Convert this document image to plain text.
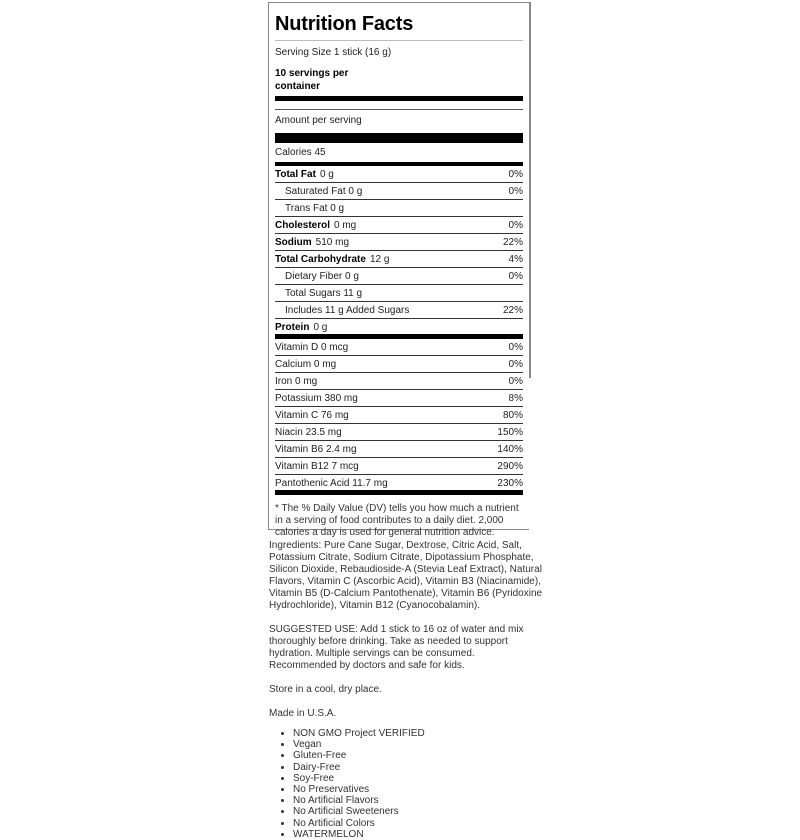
Nutrition Facts
Serving Size 1 stick (16 g)
10 servings per container
Amount per serving
Calories 45
Total Fat 0 g	0%
Saturated Fat 0 g	0%
Trans Fat 0 g
Cholesterol 0 mg	0%
Sodium 510 mg	22%
Total Carbohydrate 12 g	4%
Dietary Fiber 0 g	0%
Total Sugars 11 g
Includes 11 g Added Sugars	22%
Protein 0 g
Vitamin D 0 mcg	0%
Calcium 0 mg	0%
Iron 0 mg	0%
Potassium 380 mg	8%
Vitamin C 76 mg	80%
Niacin 23.5 mg	150%
Vitamin B6 2.4 mg	140%
Vitamin B12 7 mcg	290%
Pantothenic Acid 11.7 mg	230%
* The % Daily Value (DV) tells you how much a nutrient in a serving of food contributes to a daily diet. 2,000 calories a day is used for general nutrition advice.

Ingredients: Pure Cane Sugar, Dextrose, Citric Acid, Salt, Potassium Citrate, Sodium Citrate, Dipotassium Phosphate, Silicon Dioxide, Rebaudioside-A (Stevia Leaf Extract), Natural Flavors, Vitamin C (Ascorbic Acid), Vitamin B3 (Niacinamide), Vitamin B5 (D-Calcium Pantothenate), Vitamin B6 (Pyridoxine Hydrochloride), Vitamin B12 (Cyanocobalamin).

SUGGESTED USE: Add 1 stick to 16 oz of water and mix thoroughly before drinking. Take as needed to support hydration. Multiple servings can be consumed. Recommended by doctors and safe for kids.

Store in a cool, dry place.

Made in U.S.A.

• NON GMO Project VERIFIED
• Vegan
• Gluten-Free
• Dairy-Free
• Soy-Free
• No Preservatives
• No Artificial Flavors
• No Artificial Sweeteners
• No Artificial Colors
• WATERMELON
